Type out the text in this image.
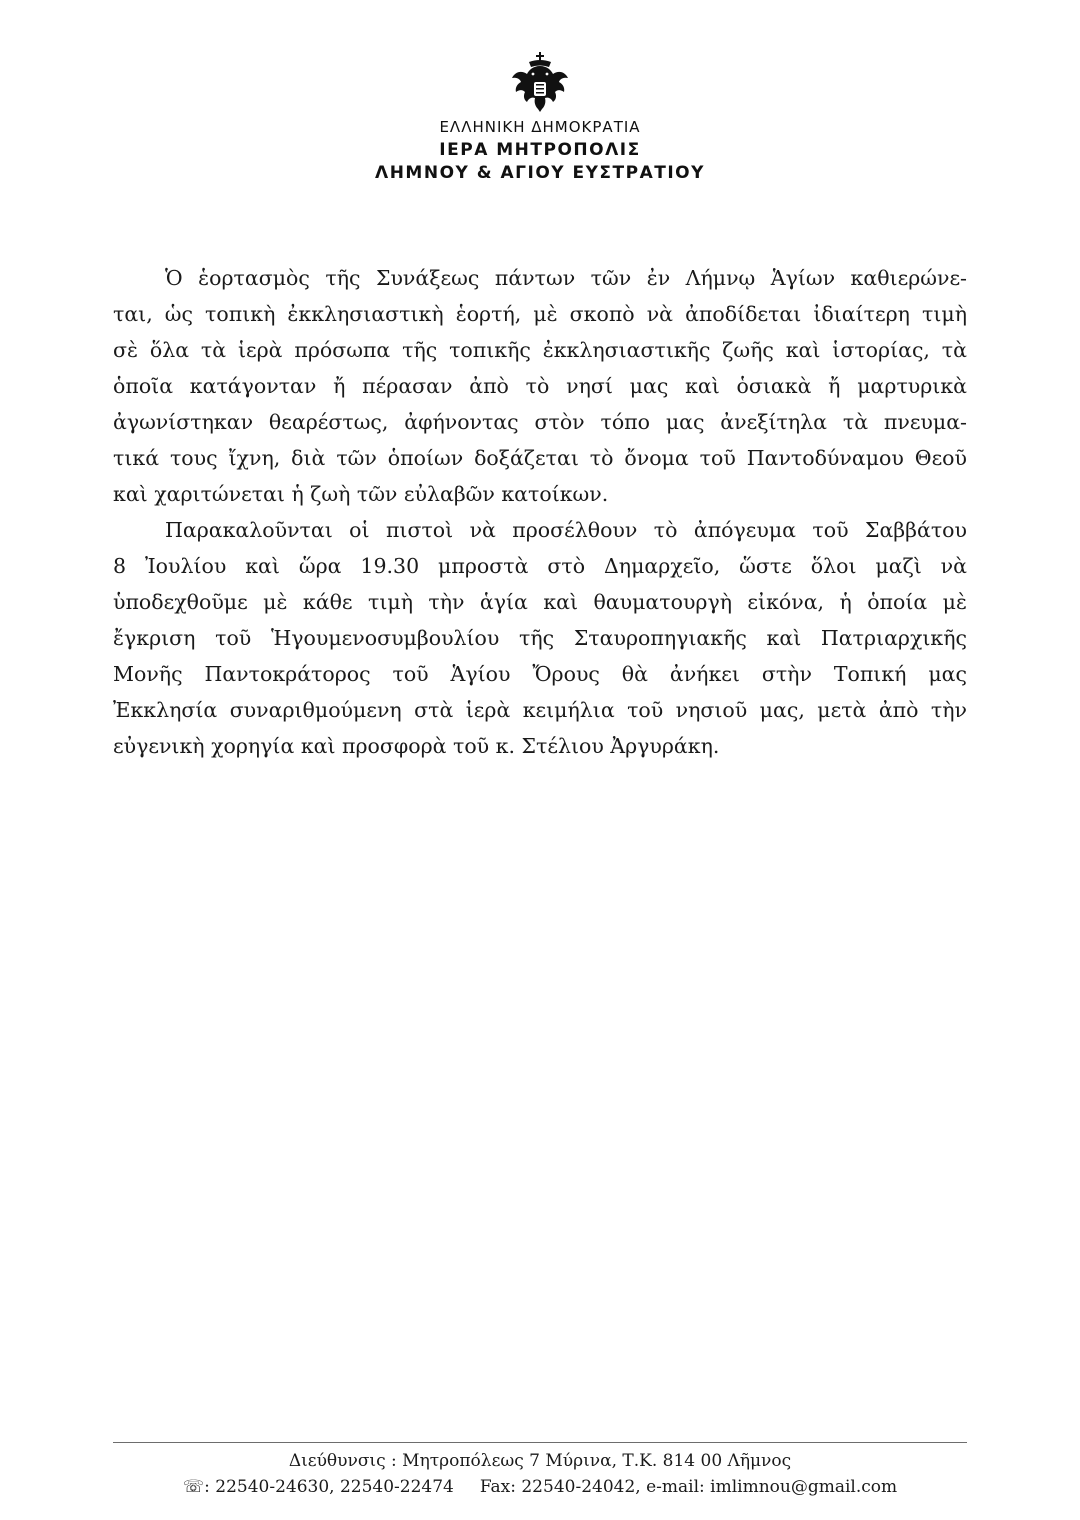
ΕΛΛΗΝΙΚΗ ΔΗΜΟΚΡΑΤΙΑ
ΙΕΡΑ ΜΗΤΡΟΠΟΛΙΣ
ΛΗΜΝΟΥ & ΑΓΙΟΥ ΕΥΣΤΡΑΤΙΟΥ
Ὁ ἑορτασμὸς τῆς Συνάξεως πάντων τῶν ἐν Λήμνῳ Ἁγίων καθιερώνε-
ται, ὡς τοπικὴ ἐκκλησιαστικὴ ἑορτή, μὲ σκοπὸ νὰ ἀποδίδεται ἰδιαίτερη τιμὴ
σὲ ὅλα τὰ ἱερὰ πρόσωπα τῆς τοπικῆς ἐκκλησιαστικῆς ζωῆς καὶ ἱστορίας, τὰ
ὁποῖα κατάγονταν ἤ πέρασαν ἀπὸ τὸ νησί μας καὶ ὁσιακὰ ἤ μαρτυρικὰ
ἀγωνίστηκαν θεαρέστως, ἀφήνοντας στὸν τόπο μας ἀνεξίτηλα τὰ πνευμα-
τικά τους ἴχνη, διὰ τῶν ὁποίων δοξάζεται τὸ ὄνομα τοῦ Παντοδύναμου Θεοῦ
καὶ χαριτώνεται ἡ ζωὴ τῶν εὐλαβῶν κατοίκων.
Παρακαλοῦνται οἱ πιστοὶ νὰ προσέλθουν τὸ ἀπόγευμα τοῦ Σαββάτου
8 Ἰουλίου καὶ ὥρα 19.30 μπροστὰ στὸ Δημαρχεῖο, ὥστε ὅλοι μαζὶ νὰ
ὑποδεχθοῦμε μὲ κάθε τιμὴ τὴν ἁγία καὶ θαυματουργὴ εἰκόνα, ἡ ὁποία μὲ
ἔγκριση τοῦ Ἡγουμενοσυμβουλίου τῆς Σταυροπηγιακῆς καὶ Πατριαρχικῆς
Μονῆς Παντοκράτορος τοῦ Ἁγίου Ὄρους θὰ ἀνήκει στὴν Τοπική μας
Ἐκκλησία συναριθμούμενη στὰ ἱερὰ κειμήλια τοῦ νησιοῦ μας, μετὰ ἀπὸ τὴν
εὐγενικὴ χορηγία καὶ προσφορὰ τοῦ κ. Στέλιου Ἀργυράκη.
Διεύθυνσις : Μητροπόλεως 7 Μύρινα, Τ.Κ. 814 00 Λῆμνος
☏: 22540-24630, 22540-22474 Fax: 22540-24042, e-mail: imlimnou@gmail.com
